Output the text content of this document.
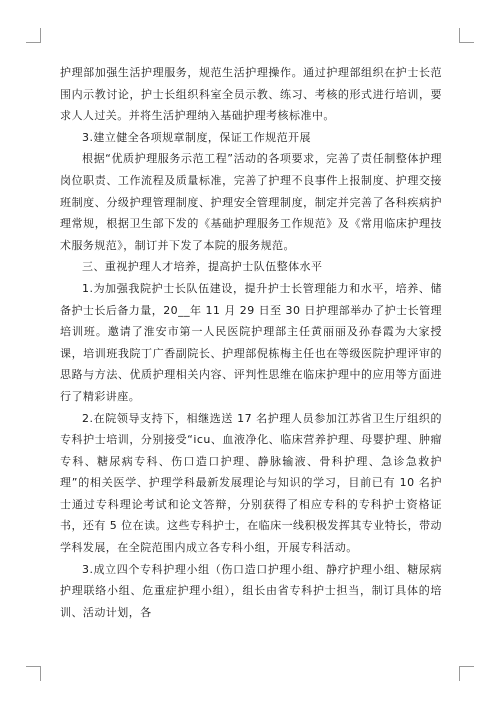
护理部加强生活护理服务，规范生活护理操作。通过护理部组织在护士长范围内示教讨论，护士长组织科室全员示教、练习、考核的形式进行培训，要求人人过关。并将生活护理纳入基础护理考核标准中。

3.建立健全各项规章制度，保证工作规范开展

根据“优质护理服务示范工程”活动的各项要求，完善了责任制整体护理岗位职责、工作流程及质量标准，完善了护理不良事件上报制度、护理交接班制度、分级护理管理制度、护理安全管理制度，制定并完善了各科疾病护理常规，根据卫生部下发的《基础护理服务工作规范》及《常用临床护理技术服务规范》，制订并下发了本院的服务规范。

三、重视护理人才培养，提高护士队伍整体水平

1.为加强我院护士长队伍建设，提升护士长管理能力和水平，培养、储备护士长后备力量，20__年 11 月 29 日至 30 日护理部举办了护士长管理培训班。邀请了淮安市第一人民医院护理部主任黄丽丽及孙春霞为大家授课，培训班我院丁广香副院长、护理部倪栋梅主任也在等级医院护理评审的思路与方法、优质护理相关内容、评判性思维在临床护理中的应用等方面进行了精彩讲座。

2.在院领导支持下，相继选送 17 名护理人员参加江苏省卫生厅组织的专科护士培训，分别接受“icu、血液净化、临床营养护理、母婴护理、肿瘤专科、糖尿病专科、伤口造口护理、静脉输液、骨科护理、急诊急救护理”的相关医学、护理学科最新发展理论与知识的学习，目前已有 10 名护士通过专科理论考试和论文答辩，分别获得了相应专科的专科护士资格证书，还有 5 位在读。这些专科护士，在临床一线积极发挥其专业特长，带动学科发展，在全院范围内成立各专科小组，开展专科活动。

3.成立四个专科护理小组（伤口造口护理小组、静疗护理小组、糖尿病护理联络小组、危重症护理小组），组长由省专科护士担当，制订具体的培训、活动计划，各
